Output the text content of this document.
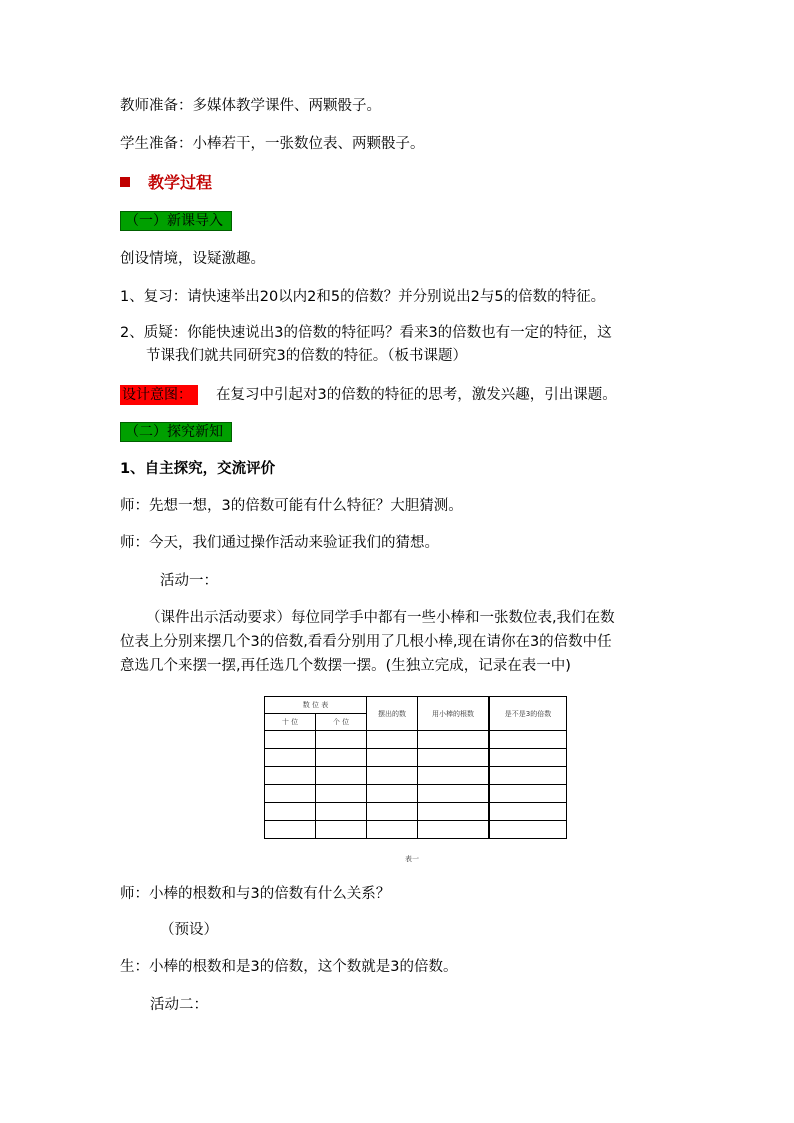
教师准备：多媒体教学课件、两颗骰子。
学生准备：小棒若干，一张数位表、两颗骰子。
教学过程
（一）新课导入
创设情境，设疑激趣。
1、复习：请快速举出20以内2和5的倍数？并分别说出2与5的倍数的特征。
2、质疑：你能快速说出3的倍数的特征吗？看来3的倍数也有一定的特征，这
节课我们就共同研究3的倍数的特征。（板书课题）
设计意图：	在复习中引起对3的倍数的特征的思考，激发兴趣，引出课题。
（二）探究新知
1、自主探究，交流评价
师：先想一想，3的倍数可能有什么特征？大胆猜测。
师：今天，我们通过操作活动来验证我们的猜想。
活动一：
（课件出示活动要求）每位同学手中都有一些小棒和一张数位表,我们在数
位表上分别来摆几个3的倍数,看看分别用了几根小棒,现在请你在3的倍数中任
意选几个来摆一摆,再任选几个数摆一摆。(生独立完成，记录在表一中)
数 位 表		摆出的数	用小棒的根数	是不是3的倍数
十 位	个 位			

表一
师：小棒的根数和与3的倍数有什么关系？
（预设）
生：小棒的根数和是3的倍数，这个数就是3的倍数。
活动二：
